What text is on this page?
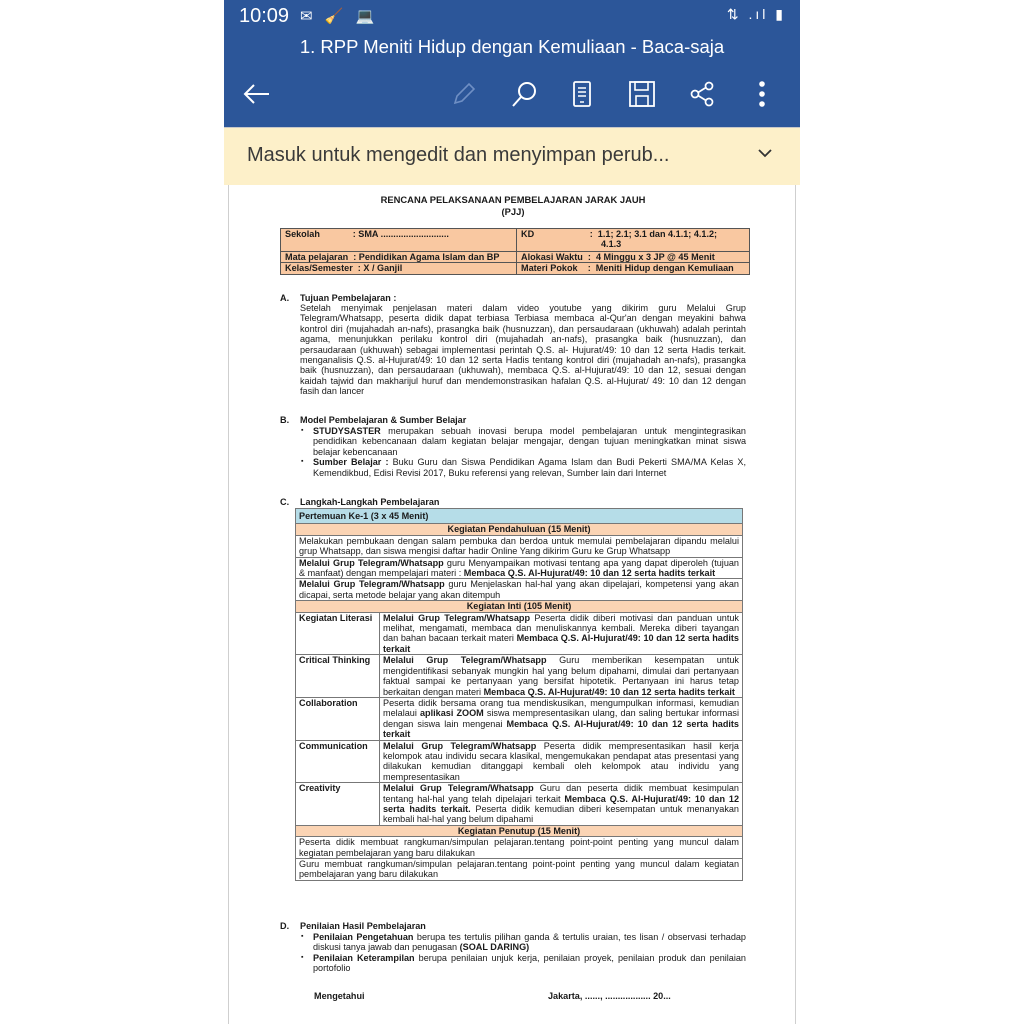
10:09 ✉ 🧹 💻	⇅ .ıl ▮
1. RPP Meniti Hidup dengan Kemuliaan - Baca-saja
Masuk untuk mengedit dan menyimpan perub...
RENCANA PELAKSANAAN PEMBELAJARAN JARAK JAUH
(PJJ)
Sekolah             : SMA ...........................	KD                      :  1.1; 2.1; 3.1 dan 4.1.1; 4.1.2;
4.1.3

Mata pelajaran  : Pendidikan Agama Islam dan BP	Alokasi Waktu  :  4 Minggu x 3 JP @ 45 Menit
Kelas/Semester  : X / Ganjil	Materi Pokok    :  Meniti Hidup dengan Kemuliaan
A. Tujuan Pembelajaran :
Setelah menyimak penjelasan materi dalam video youtube yang dikirim guru Melalui Grup Telegram/Whatsapp, peserta didik dapat terbiasa Terbiasa membaca al-Qur'an dengan meyakini bahwa kontrol diri (mujahadah an-nafs), prasangka baik (husnuzzan), dan persaudaraan (ukhuwah) adalah perintah agama, menunjukkan perilaku kontrol diri (mujahadah an-nafs), prasangka baik (husnuzzan), dan persaudaraan (ukhuwah) sebagai implementasi perintah Q.S. al- Hujurat/49: 10 dan 12 serta Hadis terkait. menganalisis Q.S. al-Hujurat/49: 10 dan 12 serta Hadis tentang kontrol diri (mujahadah an-nafs), prasangka baik (husnuzzan), dan persaudaraan (ukhuwah), membaca Q.S. al-Hujurat/49: 10 dan 12, sesuai dengan kaidah tajwid dan makharijul huruf dan mendemonstrasikan hafalan Q.S. al-Hujurat/ 49: 10 dan 12 dengan fasih dan lancer
B. Model Pembelajaran & Sumber Belajar
▪ STUDYSASTER merupakan sebuah inovasi berupa model pembelajaran untuk mengintegrasikan pendidikan kebencanaan dalam kegiatan belajar mengajar, dengan tujuan meningkatkan minat siswa belajar kebencanaan
▪ Sumber Belajar : Buku Guru dan Siswa Pendidikan Agama Islam dan Budi Pekerti SMA/MA Kelas X, Kemendikbud, Edisi Revisi 2017, Buku referensi yang relevan, Sumber lain dari Internet
C. Langkah-Langkah Pembelajaran
Pertemuan Ke-1 (3 x 45 Menit)	
Kegiatan Pendahuluan (15 Menit)	
Melakukan pembukaan dengan salam pembuka dan berdoa untuk memulai pembelajaran dipandu melalui grup Whatsapp, dan siswa mengisi daftar hadir Online Yang dikirim Guru ke Grup Whatsapp	
Melalui Grup Telegram/Whatsapp guru Menyampaikan motivasi tentang apa yang dapat diperoleh (tujuan & manfaat) dengan mempelajari materi : Membaca Q.S. Al-Hujurat/49: 10 dan 12 serta hadits terkait	
Melalui Grup Telegram/Whatsapp guru Menjelaskan hal-hal yang akan dipelajari, kompetensi yang akan dicapai, serta metode belajar yang akan ditempuh	
Kegiatan Inti (105 Menit)	
Kegiatan Literasi	Melalui Grup Telegram/Whatsapp Peserta didik diberi motivasi dan panduan untuk melihat, mengamati, membaca dan menuliskannya kembali. Mereka diberi tayangan dan bahan bacaan terkait materi Membaca Q.S. Al-Hujurat/49: 10 dan 12 serta hadits terkait
Critical Thinking	Melalui Grup Telegram/Whatsapp Guru memberikan kesempatan untuk mengidentifikasi sebanyak mungkin hal yang belum dipahami, dimulai dari pertanyaan faktual sampai ke pertanyaan yang bersifat hipotetik. Pertanyaan ini harus tetap berkaitan dengan materi Membaca Q.S. Al-Hujurat/49: 10 dan 12 serta hadits terkait
Collaboration	Peserta didik bersama orang tua mendiskusikan, mengumpulkan informasi, kemudian melalaui aplikasi ZOOM siswa mempresentasikan ulang, dan saling bertukar informasi dengan siswa lain mengenai Membaca Q.S. Al-Hujurat/49: 10 dan 12 serta hadits terkait
Communication	Melalui Grup Telegram/Whatsapp Peserta didik mempresentasikan hasil kerja kelompok atau individu secara klasikal, mengemukakan pendapat atas presentasi yang dilakukan kemudian ditanggapi kembali oleh kelompok atau individu yang mempresentasikan
Creativity	Melalui Grup Telegram/Whatsapp Guru dan peserta didik membuat kesimpulan tentang hal-hal yang telah dipelajari terkait Membaca Q.S. Al-Hujurat/49: 10 dan 12 serta hadits terkait. Peserta didik kemudian diberi kesempatan untuk menanyakan kembali hal-hal yang belum dipahami
Kegiatan Penutup (15 Menit)	
Peserta didik membuat rangkuman/simpulan pelajaran.tentang point-point penting yang muncul dalam kegiatan pembelajaran yang baru dilakukan	
Guru membuat rangkuman/simpulan pelajaran.tentang point-point penting yang muncul dalam kegiatan pembelajaran yang baru dilakukan	
D. Penilaian Hasil Pembelajaran
▪ Penilaian Pengetahuan berupa tes tertulis pilihan ganda & tertulis uraian, tes lisan / observasi terhadap diskusi tanya jawab dan penugasan (SOAL DARING)
▪ Penilaian Keterampilan berupa penilaian unjuk kerja, penilaian proyek, penilaian produk dan penilaian portofolio
Mengetahui	Jakarta, ......, .................. 20...
